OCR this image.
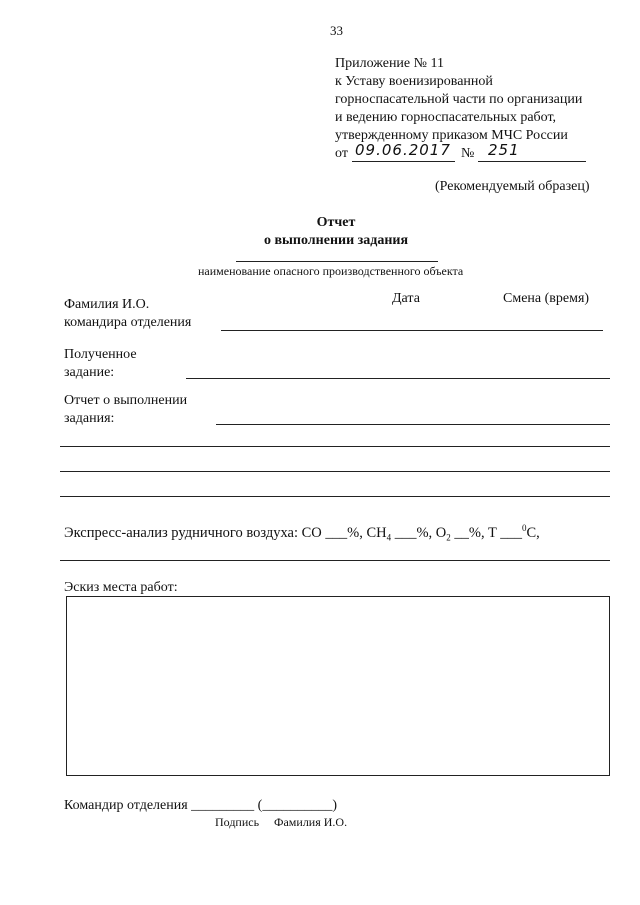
33
Приложение № 11
к Уставу военизированной
горноспасательной части по организации
и ведению горноспасательных работ,
утвержденному приказом МЧС России
от 09.06.2017 № 251
(Рекомендуемый образец)
Отчет
о выполнении задания
наименование опасного производственного объекта
Дата	Смена (время)
Фамилия И.О.
командира отделения
Полученное
задание:
Отчет о выполнении
задания:
Экспресс-анализ рудничного воздуха: CO ___%, $CH_4$ ___%, $O_2$ __%, T ___$^0$C,
Эскиз места работ:
Командир отделения _________ (__________)
Подпись Фамилия И.О.
